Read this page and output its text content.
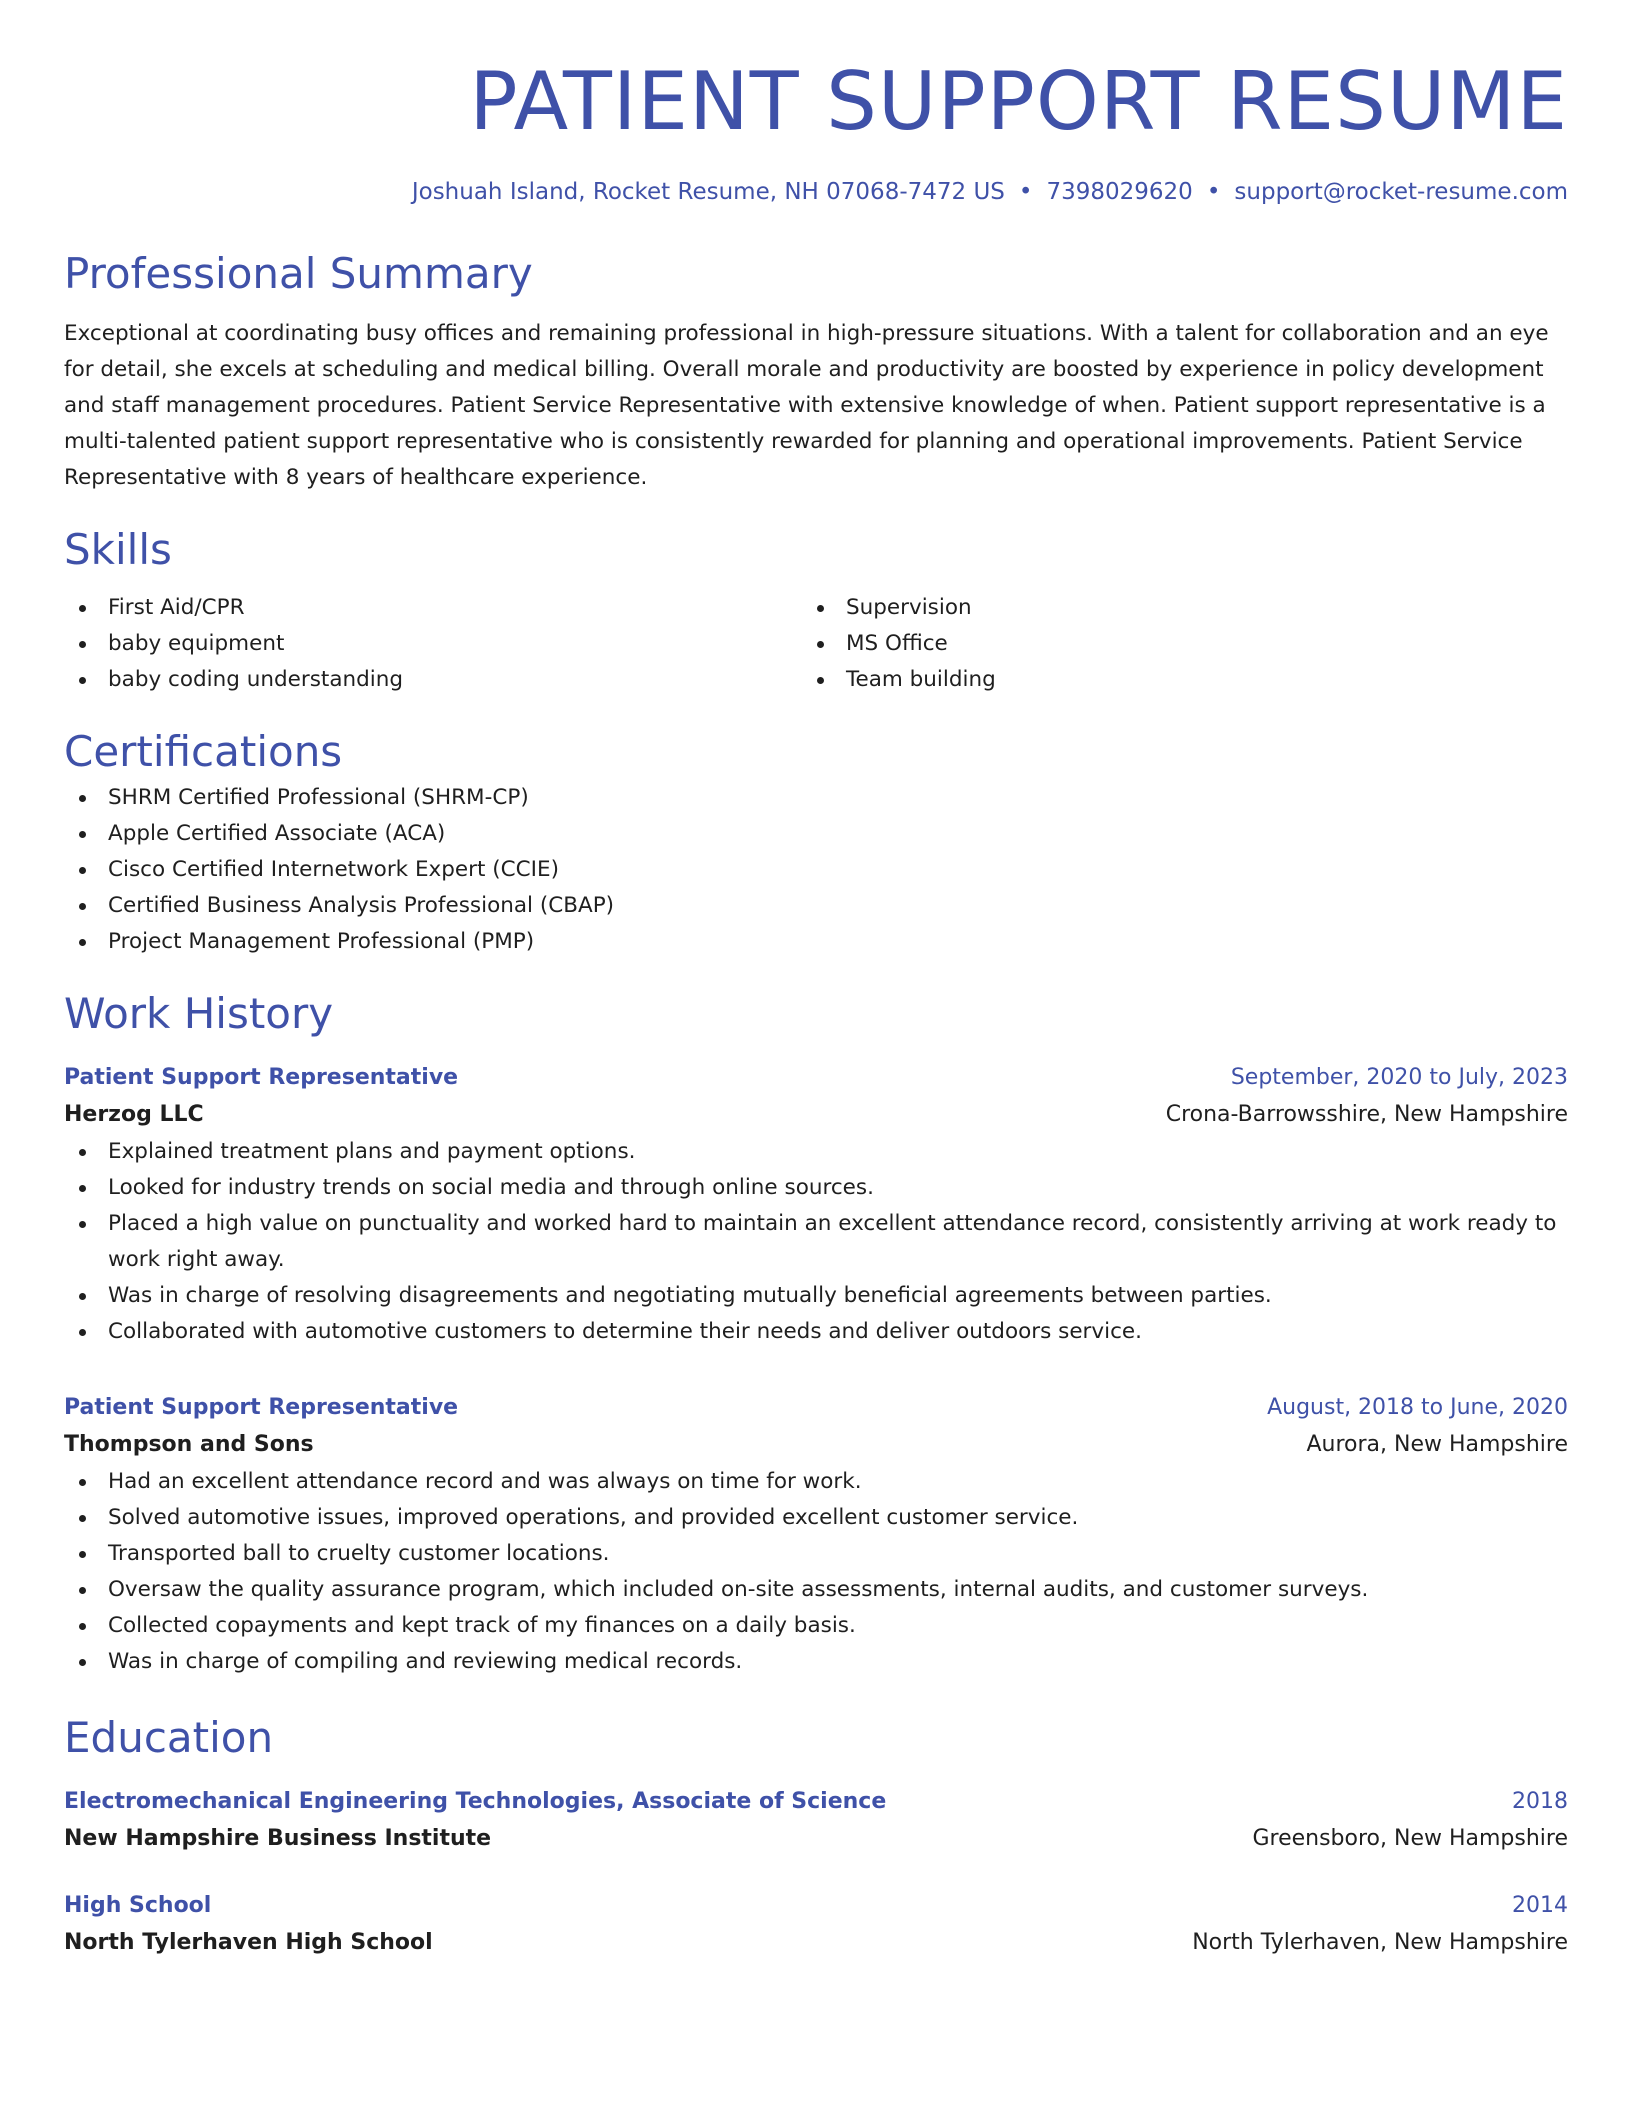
PATIENT SUPPORT RESUME
Joshuah Island, Rocket Resume, NH 07068-7472 US • 7398029620 • support@rocket-resume.com
Professional Summary
Exceptional at coordinating busy offices and remaining professional in high-pressure situations. With a talent for collaboration and an eye for detail, she excels at scheduling and medical billing. Overall morale and productivity are boosted by experience in policy development and staff management procedures. Patient Service Representative with extensive knowledge of when. Patient support representative is a multi-talented patient support representative who is consistently rewarded for planning and operational improvements. Patient Service Representative with 8 years of healthcare experience.
Skills
First Aid/CPR
baby equipment
baby coding understanding
Supervision
MS Office
Team building
Certifications
SHRM Certified Professional (SHRM-CP)
Apple Certified Associate (ACA)
Cisco Certified Internetwork Expert (CCIE)
Certified Business Analysis Professional (CBAP)
Project Management Professional (PMP)
Work History
Patient Support Representative	September, 2020 to July, 2023
Herzog LLC	Crona-Barrowsshire, New Hampshire
Explained treatment plans and payment options.
Looked for industry trends on social media and through online sources.
Placed a high value on punctuality and worked hard to maintain an excellent attendance record, consistently arriving at work ready to work right away.
Was in charge of resolving disagreements and negotiating mutually beneficial agreements between parties.
Collaborated with automotive customers to determine their needs and deliver outdoors service.
Patient Support Representative	August, 2018 to June, 2020
Thompson and Sons	Aurora, New Hampshire
Had an excellent attendance record and was always on time for work.
Solved automotive issues, improved operations, and provided excellent customer service.
Transported ball to cruelty customer locations.
Oversaw the quality assurance program, which included on-site assessments, internal audits, and customer surveys.
Collected copayments and kept track of my finances on a daily basis.
Was in charge of compiling and reviewing medical records.
Education
Electromechanical Engineering Technologies, Associate of Science	2018
New Hampshire Business Institute	Greensboro, New Hampshire
High School	2014
North Tylerhaven High School	North Tylerhaven, New Hampshire
